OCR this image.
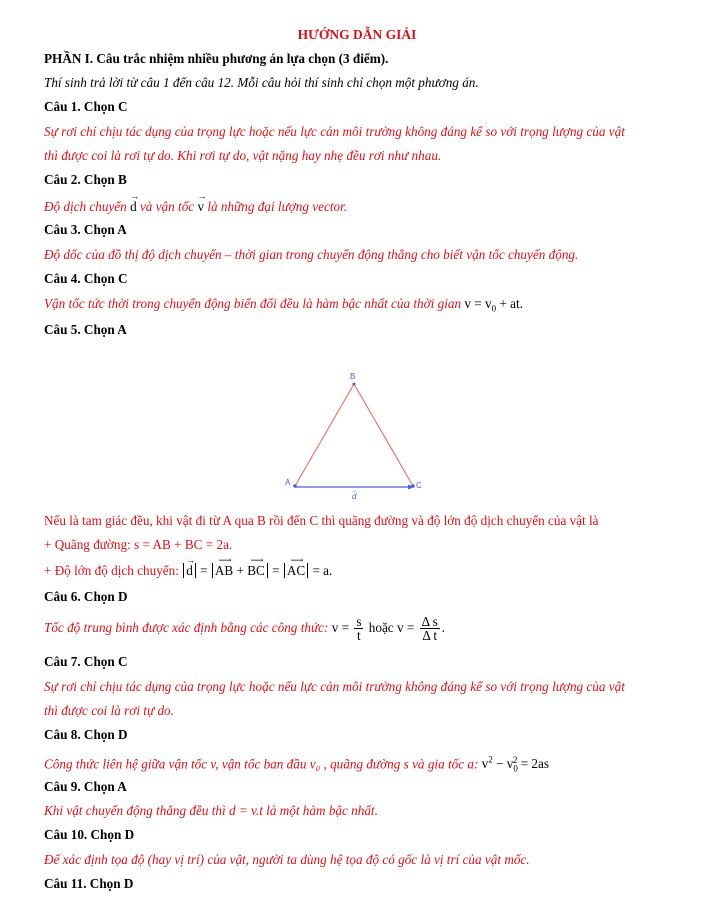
HƯỚNG DẪN GIẢI
PHẦN I. Câu trắc nhiệm nhiều phương án lựa chọn (3 điểm).
Thí sinh trả lời từ câu 1 đến câu 12. Mỗi câu hỏi thí sinh chỉ chọn một phương án.
Câu 1. Chọn C
Sự rơi chỉ chịu tác dụng của trọng lực hoặc nếu lực cản môi trường không đáng kể so với trọng lượng của vật
thì được coi là rơi tự do. Khi rơi tự do, vật nặng hay nhẹ đều rơi như nhau.
Câu 2. Chọn B
Độ dịch chuyển
→
d và vận tốc
→
v là những đại lượng vector.
Câu 3. Chọn A
Độ dốc của đồ thị độ dịch chuyển – thời gian trong chuyển động thẳng cho biết vận tốc chuyển động.
Câu 4. Chọn C
Vận tốc tức thời trong chuyển động biến đổi đều là hàm bậc nhất của thời gian $v = v_0$ + at.
Câu 5. Chọn A
B
A	C
d
→
Nếu là tam giác đều, khi vật đi từ A qua B rồi đến C thì quãng đường và độ lớn độ dịch chuyển của vật là
+ Quãng đường: s = AB + BC = 2a.
+ Độ lớn độ dịch chuyển:
→
d =
⟶
AB +
⟶
BC =
⟶
AC = a.
Câu 6. Chọn D
Tốc độ trung bình được xác định bằng các công thức: $v = \frac{s}{t}$ hoặc $v = \frac{\text{Δ s}}{\text{Δ t}}$ .
Câu 7. Chọn C
Sự rơi chỉ chịu tác dụng của trọng lực hoặc nếu lực cản môi trường không đáng kể so với trọng lượng của vật
thì được coi là rơi tự do.
Câu 8. Chọn D
Công thức liên hệ giữa vận tốc v, vận tốc ban đầu v₀ , quãng đường s và gia tốc a: $v^2 - v_0^2 = 2as$
Câu 9. Chọn A
Khi vật chuyển động thẳng đều thì d = v.t là một hàm bậc nhất.
Câu 10. Chọn D
Để xác định tọa độ (hay vị trí) của vật, người ta dùng hệ tọa độ có gốc là vị trí của vật mốc.
Câu 11. Chọn D
